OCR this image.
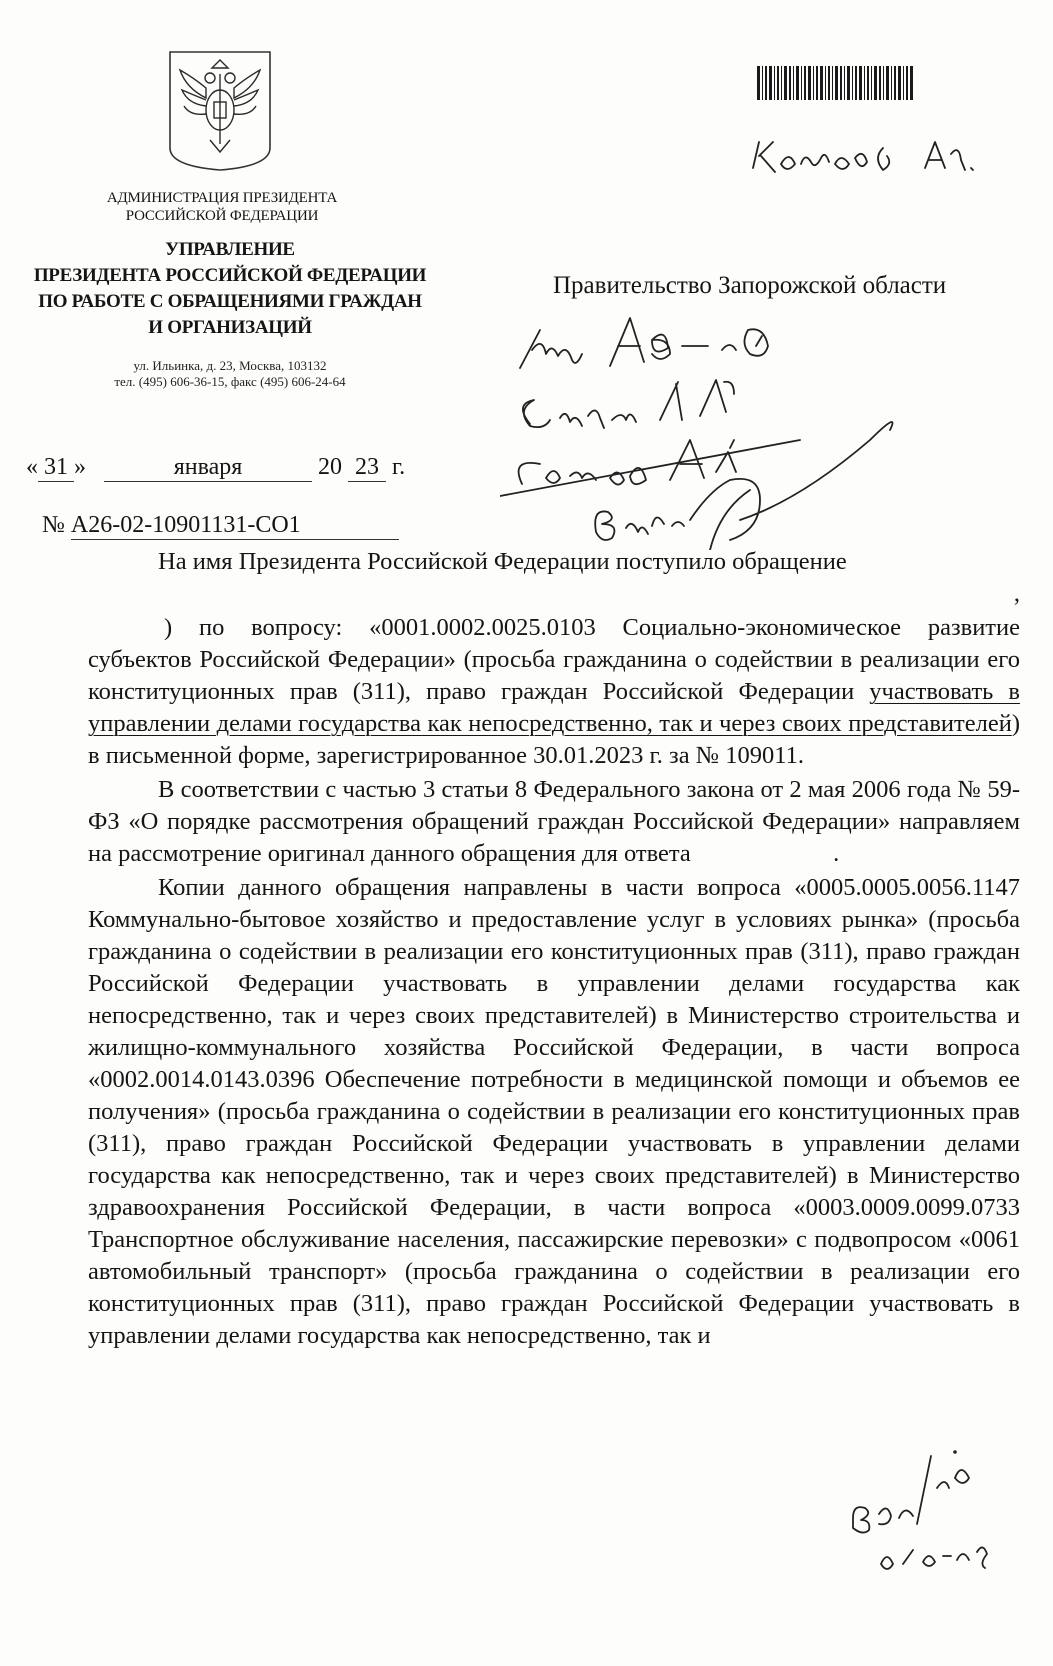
АДМИНИСТРАЦИЯ ПРЕЗИДЕНТА
РОССИЙСКОЙ ФЕДЕРАЦИИ
УПРАВЛЕНИЕ
ПРЕЗИДЕНТА РОССИЙСКОЙ ФЕДЕРАЦИИ
ПО РАБОТЕ С ОБРАЩЕНИЯМИ ГРАЖДАН
И ОРГАНИЗАЦИЙ
ул. Ильинка, д. 23, Москва, 103132
тел. (495) 606-36-15, факс (495) 606-24-64
« 31 »	января	20 23 г.
№ А26-02-10901131-СО1
Правительство Запорожской области

На имя Президента Российской Федерации поступило обращение

,

) по вопросу: «0001.0002.0025.0103 Социально-экономическое развитие субъектов Российской Федерации» (просьба гражданина о содействии в реализации его конституционных прав (311), право граждан Российской Федерации участвовать в управлении делами государства как непосредственно, так и через своих представителей) в письменной форме, зарегистрированное 30.01.2023 г. за № 109011.

В соответствии с частью 3 статьи 8 Федерального закона от 2 мая 2006 года № 59-ФЗ «О порядке рассмотрения обращений граждан Российской Федерации» направляем на рассмотрение оригинал данного обращения для ответа	.

Копии данного обращения направлены в части вопроса «0005.0005.0056.1147 Коммунально-бытовое хозяйство и предоставление услуг в условиях рынка» (просьба гражданина о содействии в реализации его конституционных прав (311), право граждан Российской Федерации участвовать в управлении делами государства как непосредственно, так и через своих представителей) в Министерство строительства и жилищно-коммунального хозяйства Российской Федерации, в части вопроса «0002.0014.0143.0396 Обеспечение потребности в медицинской помощи и объемов ее получения» (просьба гражданина о содействии в реализации его конституционных прав (311), право граждан Российской Федерации участвовать в управлении делами государства как непосредственно, так и через своих представителей) в Министерство здравоохранения Российской Федерации, в части вопроса «0003.0009.0099.0733 Транспортное обслуживание населения, пассажирские перевозки» с подвопросом «0061 автомобильный транспорт» (просьба гражданина о содействии в реализации его конституционных прав (311), право граждан Российской Федерации участвовать в управлении делами государства как непосредственно, так и
